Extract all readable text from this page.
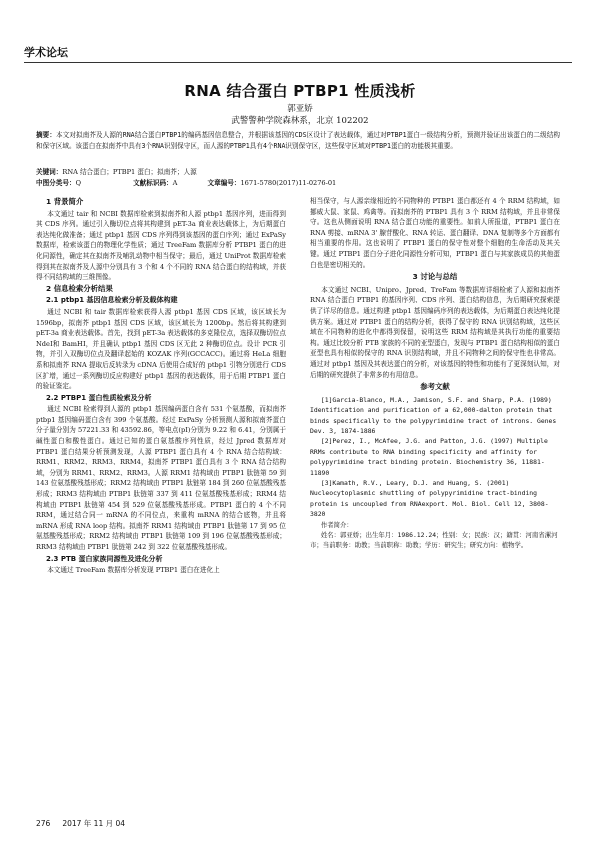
学术论坛
RNA 结合蛋白 PTBP1 性质浅析
郭亚娇
武警警种学院森林系，北京 102202
摘要：本文对拟南芥及人源的RNA结合蛋白PTBP1的编码基因信息整合，并根据该基因的CDS区设计了表达载体，通过对PTBP1蛋白一级结构分析，预测并验证出该蛋白的二级结构和保守区域。该蛋白在拟南芥中具有3个RNA识别保守区，而人源的PTBP1具有4个RNA识别保守区，这些保守区域对PTBP1蛋白的功能极其重要。
关键词：RNA 结合蛋白；PTBP1 蛋白；拟南芥；人源
中图分类号：Q	文献标识码：A	文章编号：1671-5780(2017)11-0276-01
1 背景简介

本文通过 tair 和 NCBI 数据库检索到拟南芥和人源 ptbp1 基因序列，进而得到其 CDS 序列。通过引入酶切位点将其构建到 pET-3a 商业表达载体上，为后期蛋白表达纯化做准备；通过 ptbp1 基因 CDS 序列得到该基因的蛋白序列；通过 ExPaSy 数据库，检索该蛋白的物理化学性质；通过 TreeFam 数据库分析 PTBP1 蛋白的进化同源性，确定其在拟南芥及哺乳动物中相当保守；最后，通过 UniProt 数据库检索得到其在拟南芥及人源中分别具有 3 个和 4 个不同的 RNA 结合蛋白的结构域，并获得不同结构域的三维图像。

2 信息检索分析结果
2.1 ptbp1 基因信息检索分析及载体构建

通过 NCBI 和 tair 数据库检索获得人源 ptbp1 基因 CDS 区域，该区域长为 1596bp，拟南芥 ptbp1 基因 CDS 区域，该区域长为 1200bp。然后将其构建到 pET-3a 商业表达载体。首先，找到 pET-3a 表达载体的多克隆位点，选择双酶切位点 NdeⅠ和 BamHⅠ，并且确认 ptbp1 基因 CDS 区无此 2 种酶切位点。设计 PCR 引物，并引入双酶切位点及翻译起始的 KOZAK 序列(GCCACC)。通过将 HeLa 细胞系和拟南芥 RNA 提取后反转录为 cDNA 后使用合成好的 ptbp1 引物分别进行 CDS 区扩增，通过一系列酶切反应构建好 ptbp1 基因的表达载体，用于后期 PTBP1 蛋白的验证鉴定。

2.2 PTBP1 蛋白性质检索及分析

通过 NCBI 检索得到人源的 ptbp1 基因编码蛋白含有 531 个氨基酸，而拟南芥 ptbp1 基因编码蛋白含有 399 个氨基酸。经过 ExPaSy 分析预测人源和拟南芥蛋白分子量分别为 57221.33 和 43592.86，等电点(pI)分别为 9.22 和 6.41，分别属于碱性蛋白和酸性蛋白。通过已知的蛋白氨基酸序列性质，经过 Jpred 数据库对 PTBP1 蛋白结果分析预测发现，人源 PTBP1 蛋白具有 4 个 RNA 结合结构域：RRM1、RRM2、RRM3、RRM4，拟南芥 PTBP1 蛋白具有 3 个 RNA 结合结构域，分别为 RRM1、RRM2、RRM3。人源 RRM1 结构域由 PTBP1 肽链第 59 到 143 位氨基酸残基形成；RRM2 结构域由 PTBP1 肽链第 184 到 260 位氨基酸残基形成；RRM3 结构域由 PTBP1 肽链第 337 到 411 位氨基酸残基形成；RRM4 结构域由 PTBP1 肽链第 454 到 529 位氨基酸残基形成。PTBP1 蛋白的 4 个不同 RRM，通过结合同一 mRNA 的不同位点，来重构 mRNA 的结合底物，并且将 mRNA 形成 RNA loop 结构。拟南芥 RRM1 结构域由 PTBP1 肽链第 17 到 95 位氨基酸残基形成；RRM2 结构域由 PTBP1 肽链第 109 到 196 位氨基酸残基形成；RRM3 结构域由 PTBP1 肽链第 242 到 322 位氨基酸残基形成。

2.3 PTB 蛋白家族同源性及进化分析

本文通过 TreeFam 数据库分析发现 PTBP1 蛋白在进化上

相当保守，与人源亲缘相近的不同物种的 PTBP1 蛋白都还有 4 个 RRM 结构域，如挪威大鼠、家鼠、鸡禽等。而拟南芥的 PTBP1 具有 3 个 RRM 结构域，并且非常保守。这也从侧面说明 RNA 结合蛋白功能的重要性。如前人所报道，PTBP1 蛋白在 RNA 剪接、mRNA 3' 腺苷酸化、RNA 转运、蛋白翻译、DNA 复制等多个方面都有相当重要的作用。这也说明了 PTBP1 蛋白的保守性对整个细胞的生命活动及其关键。通过 PTBP1 蛋白分子进化同源性分析可知，PTBP1 蛋白与其家族成员的其他蛋白也是密切相关的。

3 讨论与总结

本文通过 NCBI、Unipro、Jpred、TreFam 等数据库详细检索了人源和拟南芥 RNA 结合蛋白 PTBP1 的基因序列、CDS 序列、蛋白结构信息，为后期研究探索提供了详尽的信息。通过构建 ptbp1 基因编码序列的表达载体，为后期蛋白表达纯化提供方案。通过对 PTBP1 蛋白的结构分析，获得了保守的 RNA 识别结构域，这些区域在不同物种的进化中都得到保留，说明这些 RRM 结构域是其执行功能的重要结构。通过比较分析 PTB 家族的不同的亚型蛋白，发现与 PTBP1 蛋白结构相似的蛋白亚型也具有相似的保守的 RNA 识别结构域，并且不同物种之间的保守性也非常高。通过对 ptbp1 基因及其表达蛋白的分析，对该基因的特性和功能有了更深刻认知，对后期的研究提供了非常多的有用信息。

参考文献

[1]Garcia-Blanco, M.A., Jamison, S.F. and Sharp, P.A. (1989) Identification and purification of a 62,000-dalton protein that binds specifically to the polypyrimidine tract of introns. Genes Dev. 3, 1874-1886

[2]Perez, I., McAfee, J.G. and Patton, J.G. (1997) Multiple RRMs contribute to RNA binding specificity and affinity for polypyrimidine tract binding protein. Biochemistry 36, 11881-11890

[3]Kamath, R.V., Leary, D.J. and Huang, S. (2001) Nucleocytoplasmic shuttling of polypyrimidine tract-binding protein is uncoupled from RNAexport. Mol. Biol. Cell 12, 3808-3820

作者简介：

姓名：郭亚娇；出生年月：1986.12.24；性别：女；民族：汉；籍贯：河南省漯河市；当前职务：助教；当前职称：助教；学历：研究生；研究方向：植物学。

276 2017 年 11 月 04
